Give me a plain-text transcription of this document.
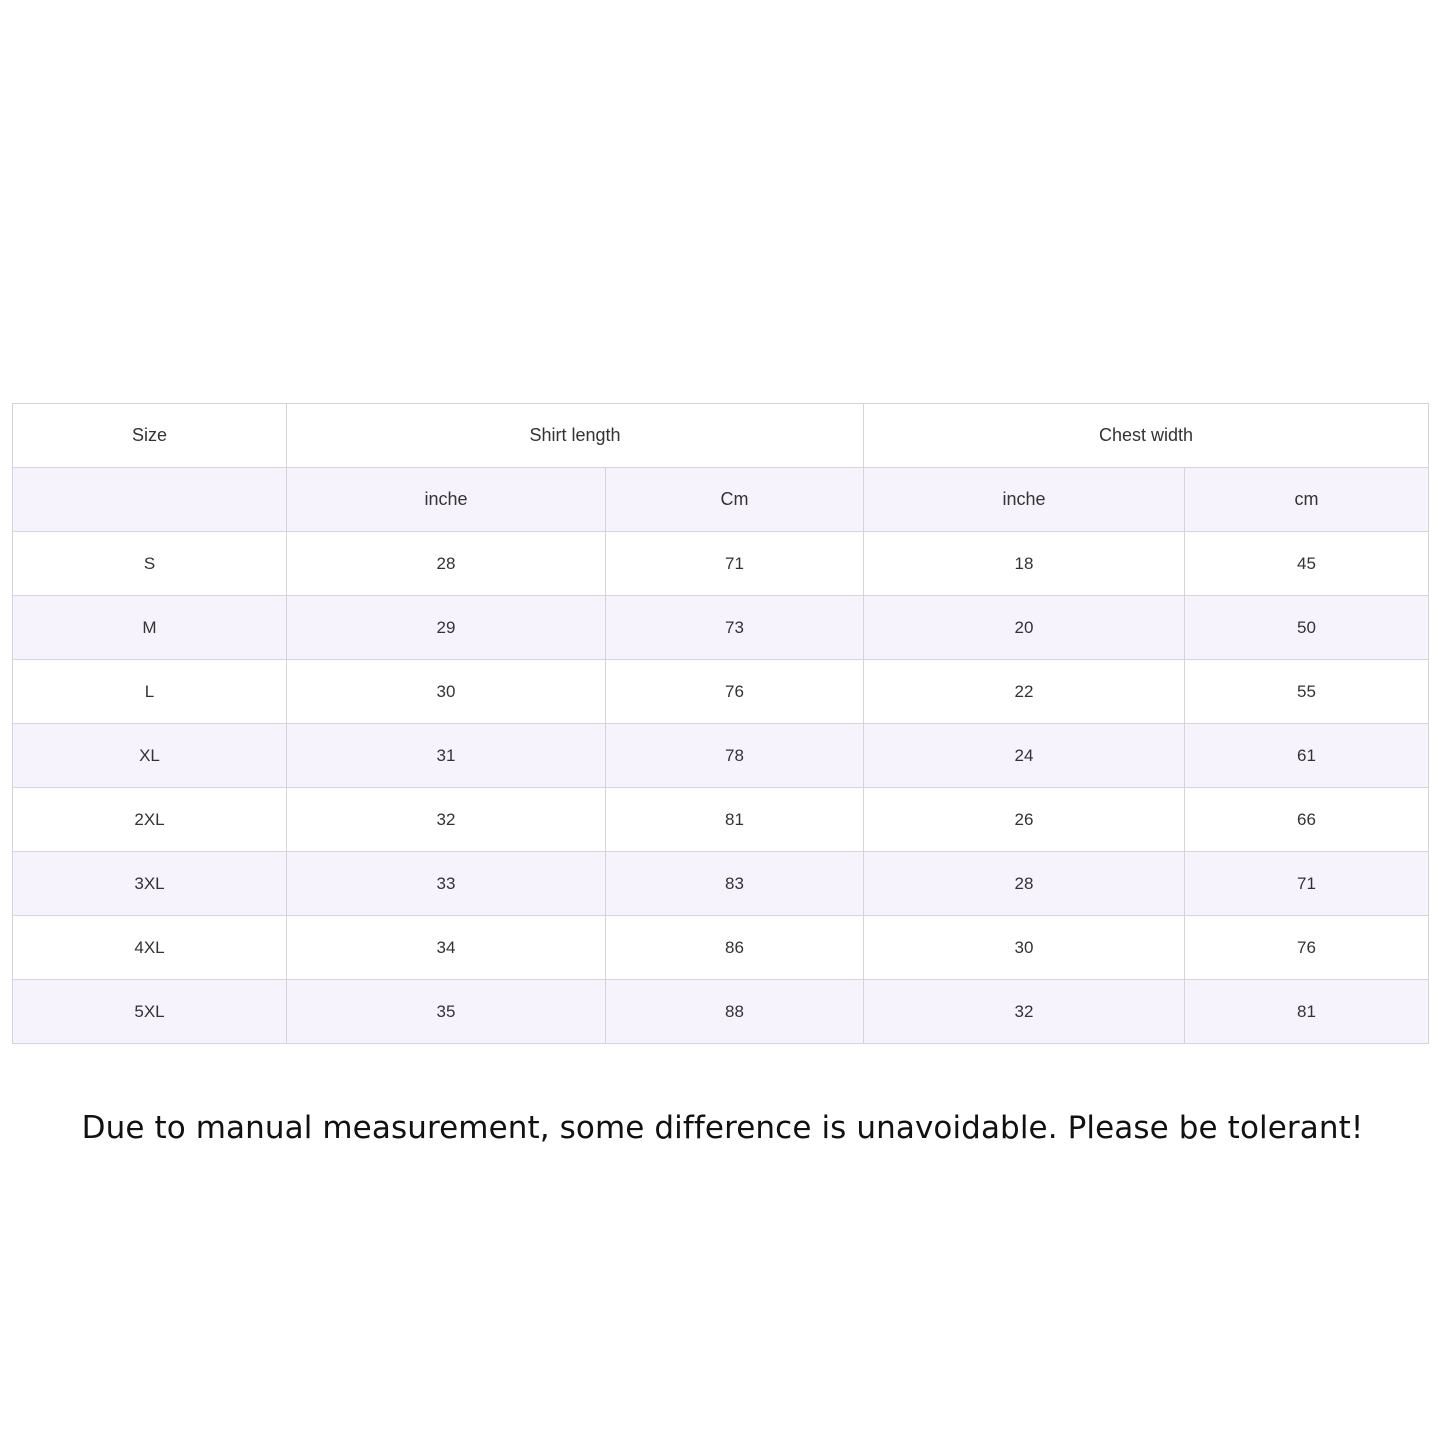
Size	Shirt length		Chest width	
	inche	Cm	inche	cm
S	28	71	18	45
M	29	73	20	50
L	30	76	22	55
XL	31	78	24	61
2XL	32	81	26	66
3XL	33	83	28	71
4XL	34	86	30	76
5XL	35	88	32	81
Due to manual measurement, some difference is unavoidable. Please be tolerant!
